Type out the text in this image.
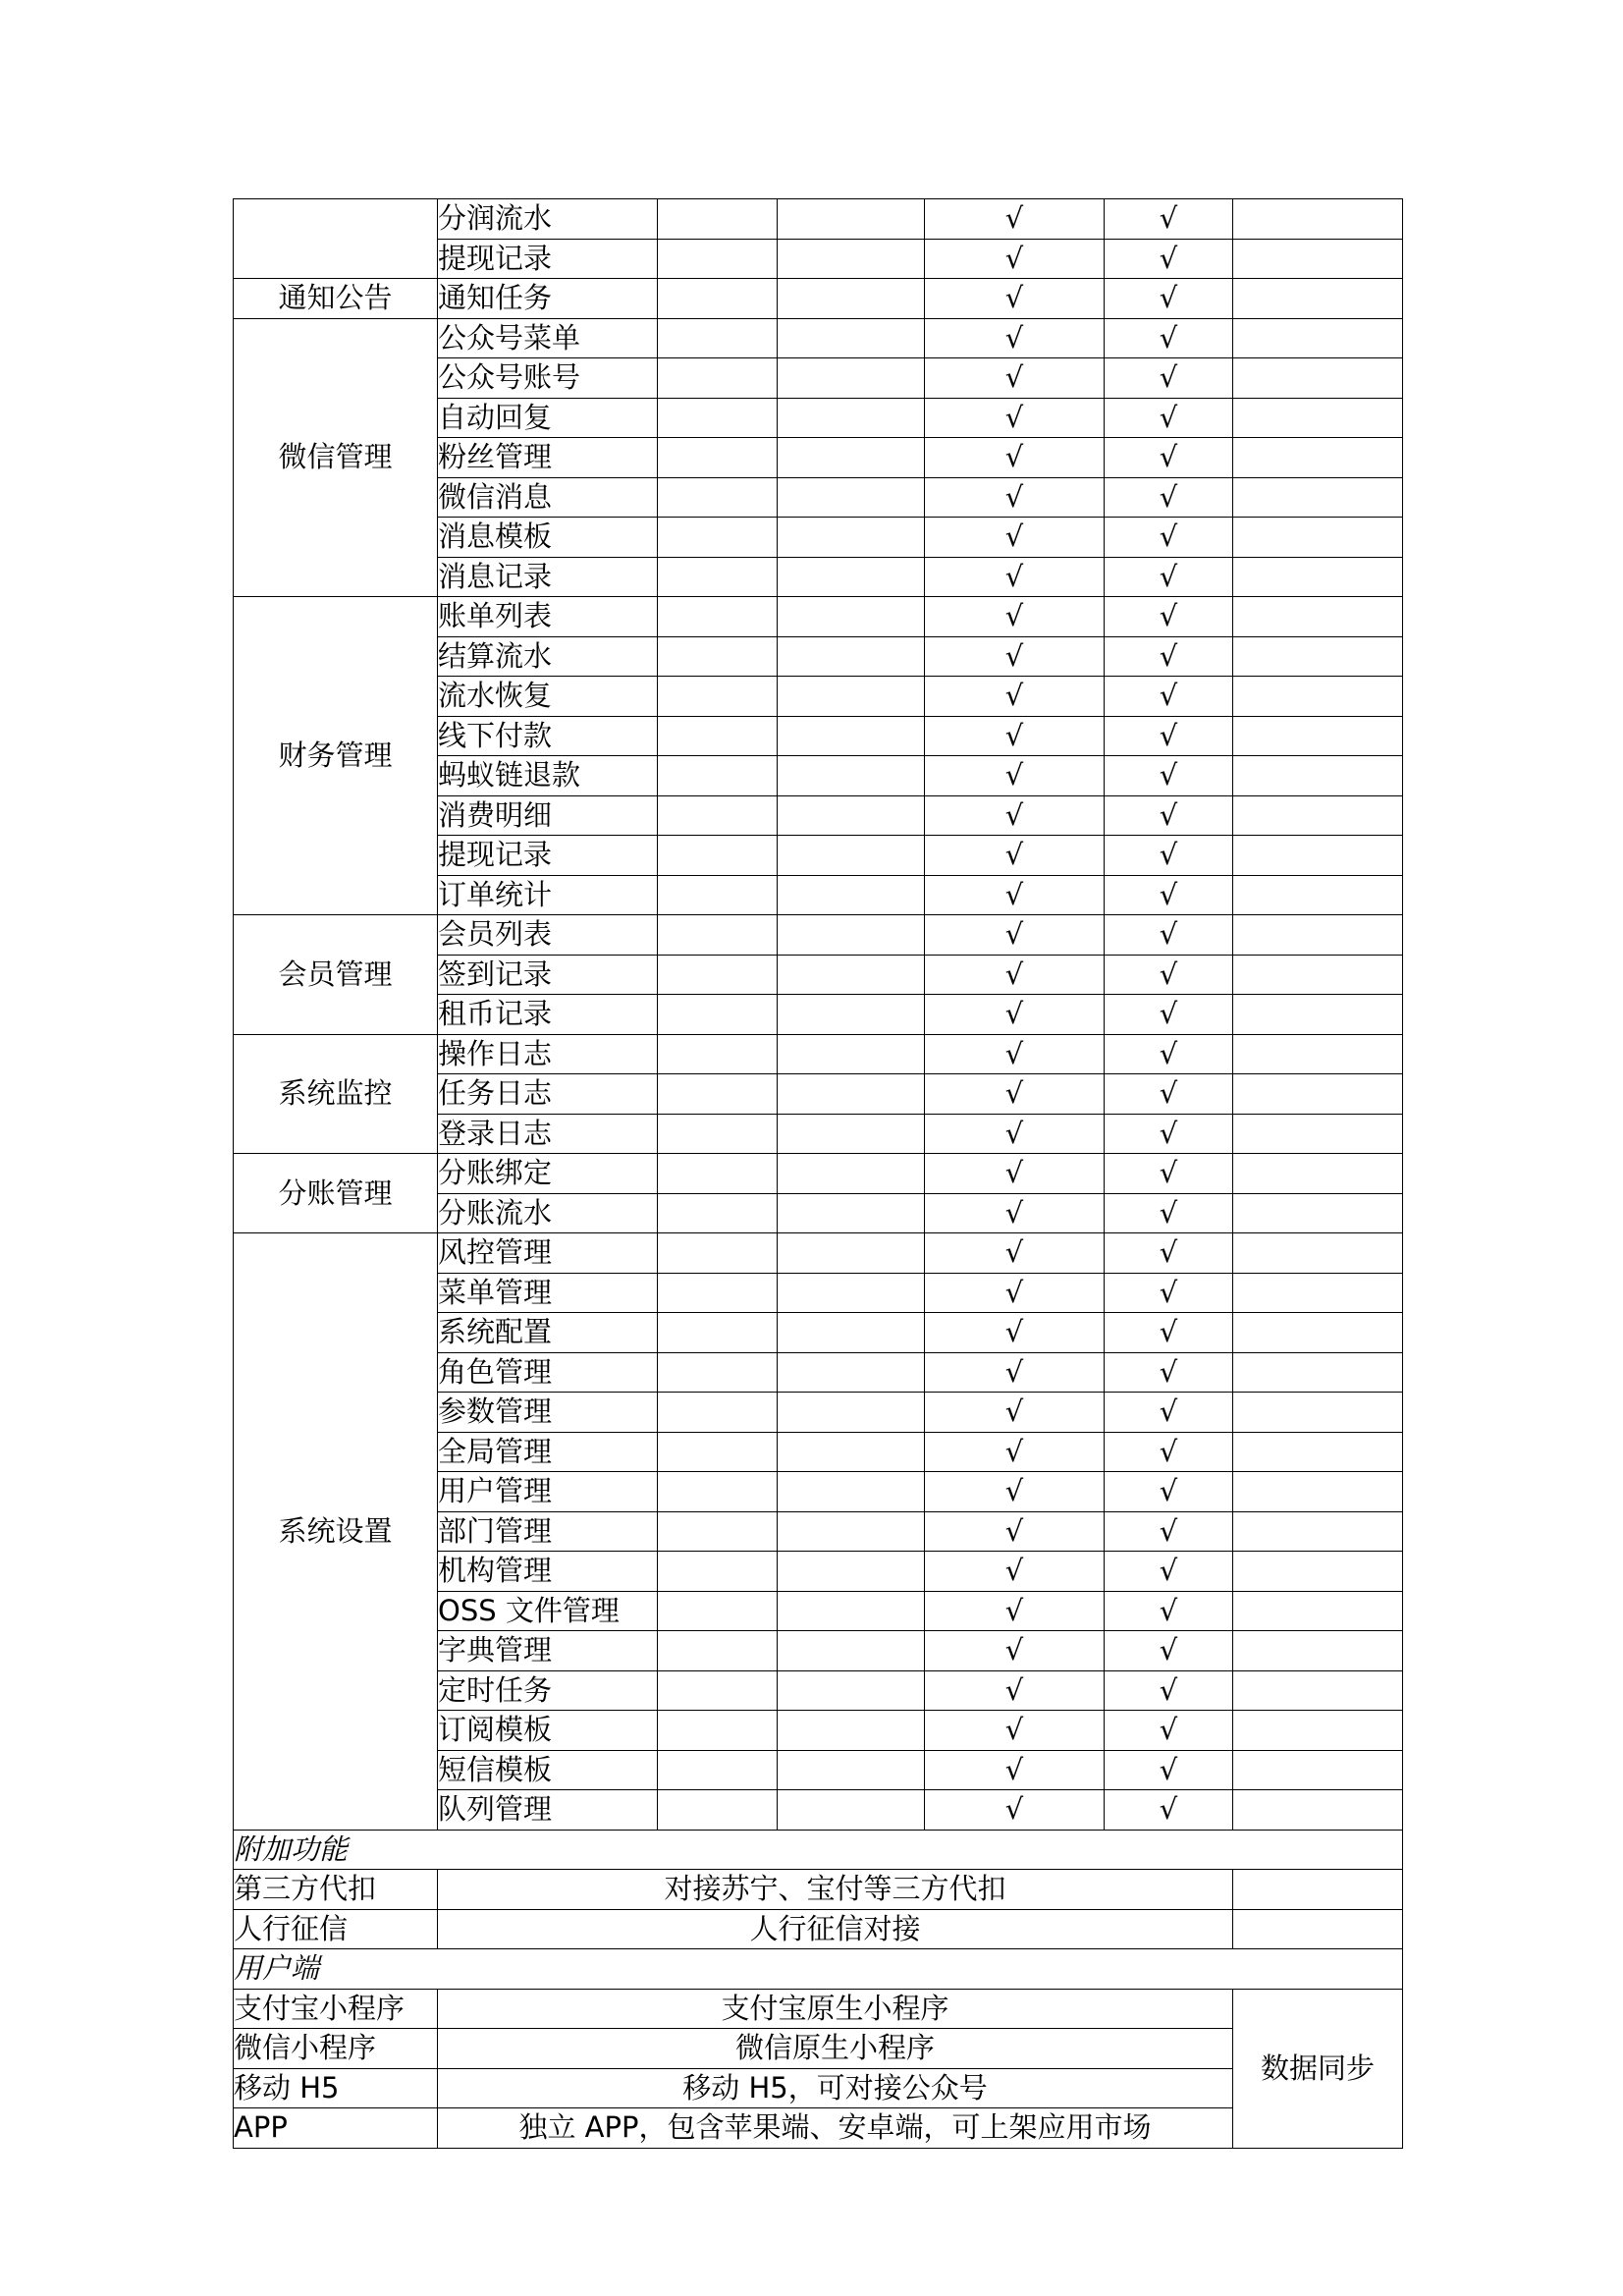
	分润流水			√	√	
	提现记录			√	√	
通知公告	通知任务			√	√	
微信管理	公众号菜单			√	√	
	公众号账号			√	√	
	自动回复			√	√	
	粉丝管理			√	√	
	微信消息			√	√	
	消息模板			√	√	
	消息记录			√	√	
财务管理	账单列表			√	√	
	结算流水			√	√	
	流水恢复			√	√	
	线下付款			√	√	
	蚂蚁链退款			√	√	
	消费明细			√	√	
	提现记录			√	√	
	订单统计			√	√	
会员管理	会员列表			√	√	
	签到记录			√	√	
	租币记录			√	√	
系统监控	操作日志			√	√	
	任务日志			√	√	
	登录日志			√	√	
分账管理	分账绑定			√	√	
	分账流水			√	√	
系统设置	风控管理			√	√	
	菜单管理			√	√	
	系统配置			√	√	
	角色管理			√	√	
	参数管理			√	√	
	全局管理			√	√	
	用户管理			√	√	
	部门管理			√	√	
	机构管理			√	√	
	OSS 文件管理			√	√	
	字典管理			√	√	
	定时任务			√	√	
	订阅模板			√	√	
	短信模板			√	√	
	队列管理			√	√	
附加功能						
第三方代扣	对接苏宁、宝付等三方代扣					
人行征信	人行征信对接					
用户端						
支付宝小程序	支付宝原生小程序					数据同步
微信小程序	微信原生小程序					
移动 H5	移动 H5，可对接公众号					
APP	独立 APP，包含苹果端、安卓端，可上架应用市场					
